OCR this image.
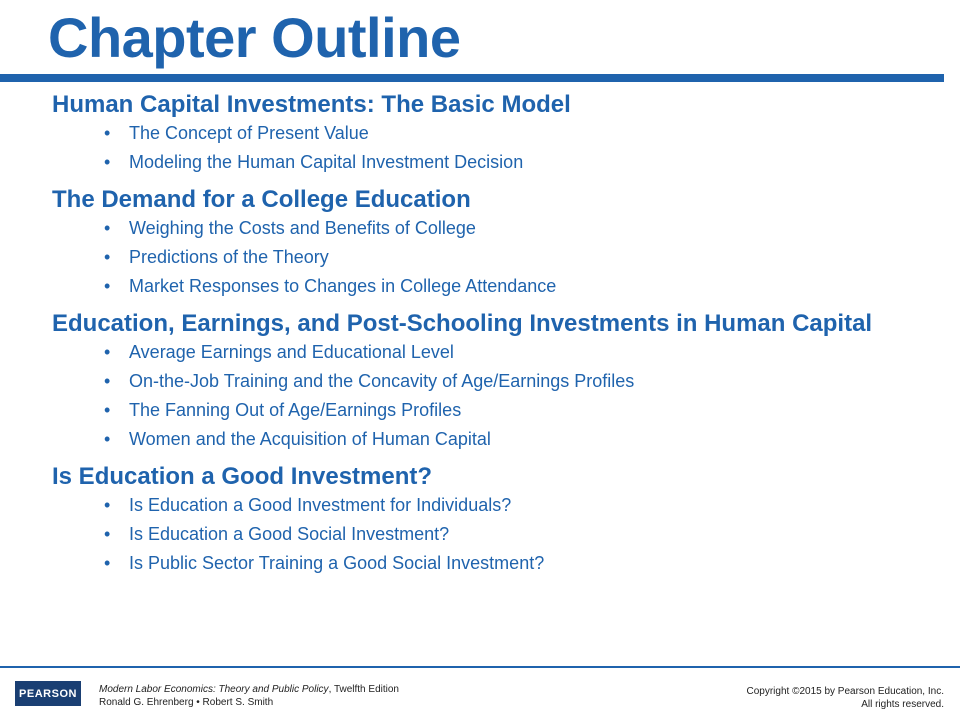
Chapter Outline
Human Capital Investments: The Basic Model
• The Concept of Present Value
• Modeling the Human Capital Investment Decision
The Demand for a College Education
• Weighing the Costs and Benefits of College
• Predictions of the Theory
• Market Responses to Changes in College Attendance
Education, Earnings, and Post-Schooling Investments in Human Capital
• Average Earnings and Educational Level
• On-the-Job Training and the Concavity of Age/Earnings Profiles
• The Fanning Out of Age/Earnings Profiles
• Women and the Acquisition of Human Capital
Is Education a Good Investment?
• Is Education a Good Investment for Individuals?
• Is Education a Good Social Investment?
• Is Public Sector Training a Good Social Investment?
PEARSON	Modern Labor Economics: Theory and Public Policy, Twelfth Edition
Ronald G. Ehrenberg • Robert S. Smith
Copyright ©2015 by Pearson Education, Inc.
All rights reserved.
